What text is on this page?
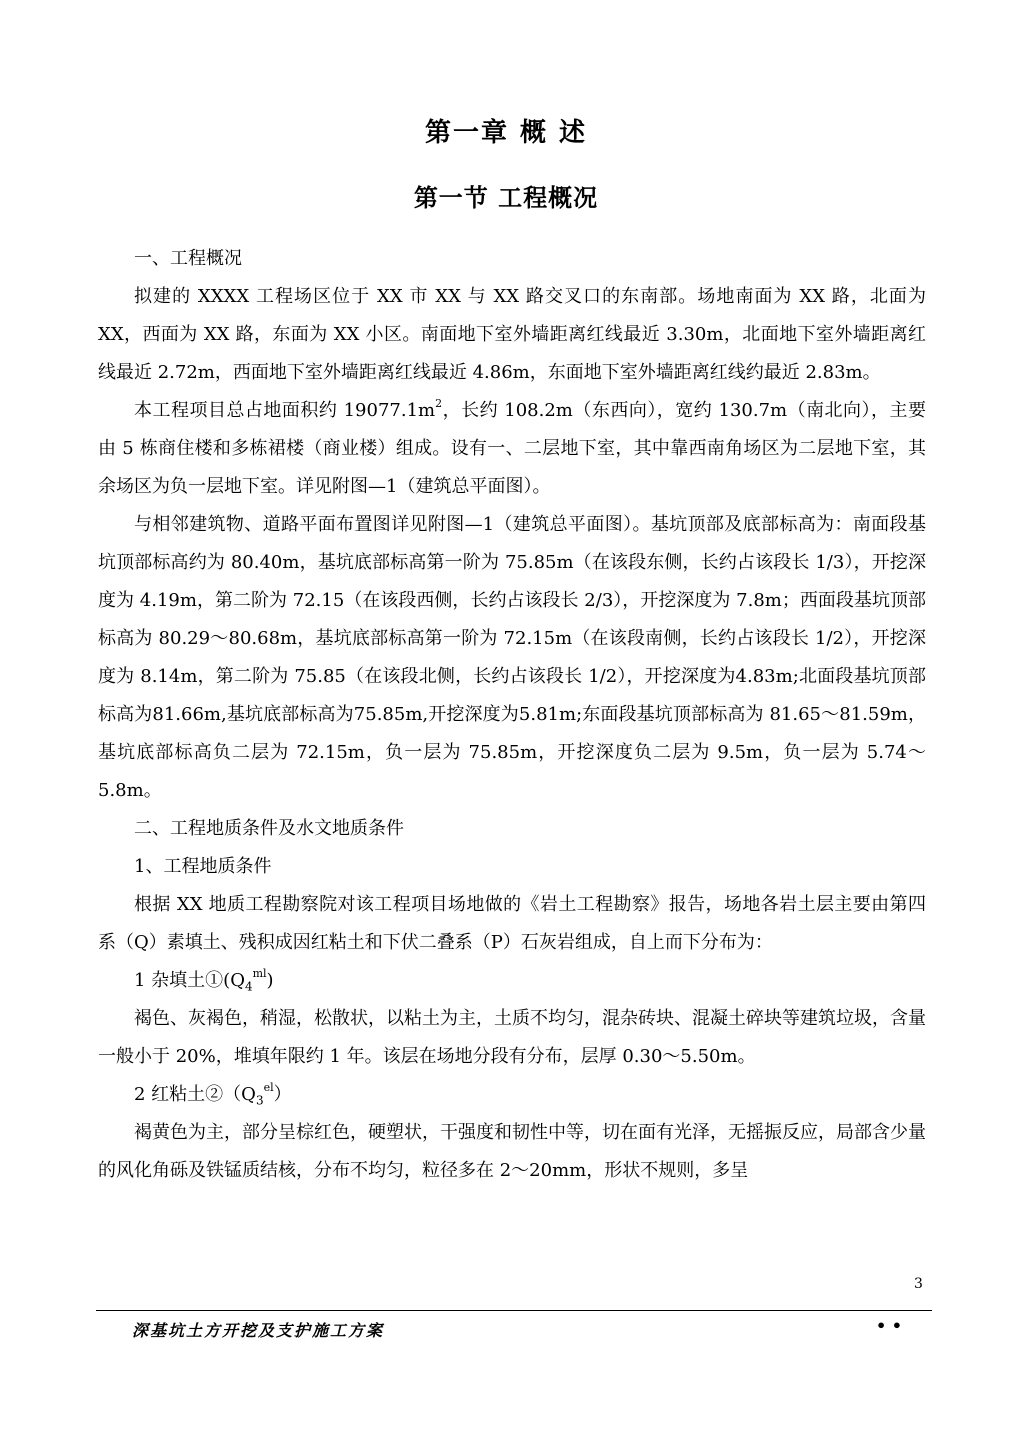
第一章 概 述
第一节 工程概况

一、工程概况

拟建的 XXXX 工程场区位于 XX 市 XX 与 XX 路交叉口的东南部。场地南面为 XX 路，北面为 XX，西面为 XX 路，东面为 XX 小区。南面地下室外墙距离红线最近 3.30m，北面地下室外墙距离红线最近 2.72m，西面地下室外墙距离红线最近 4.86m，东面地下室外墙距离红线约最近 2.83m。

本工程项目总占地面积约 $19077.1m^2$，长约 108.2m（东西向），宽约 130.7m（南北向），主要由 5 栋商住楼和多栋裙楼（商业楼）组成。设有一、二层地下室，其中靠西南角场区为二层地下室，其余场区为负一层地下室。详见附图—1（建筑总平面图）。

与相邻建筑物、道路平面布置图详见附图—1（建筑总平面图）。基坑顶部及底部标高为：南面段基坑顶部标高约为 80.40m，基坑底部标高第一阶为 75.85m（在该段东侧，长约占该段长 1/3），开挖深度为 4.19m，第二阶为 72.15（在该段西侧，长约占该段长 2/3），开挖深度为 7.8m；西面段基坑顶部标高为 80.29～80.68m，基坑底部标高第一阶为 72.15m（在该段南侧，长约占该段长 1/2），开挖深度为 8.14m，第二阶为 75.85（在该段北侧，长约占该段长 1/2），开挖深度为4.83m;北面段基坑顶部标高为81.66m,基坑底部标高为75.85m,开挖深度为5.81m;东面段基坑顶部标高为 81.65～81.59m，基坑底部标高负二层为 72.15m，负一层为 75.85m，开挖深度负二层为 9.5m，负一层为 5.74～5.8m。

二、工程地质条件及水文地质条件

1、工程地质条件

根据 XX 地质工程勘察院对该工程项目场地做的《岩土工程勘察》报告，场地各岩土层主要由第四系（Q）素填土、残积成因红粘土和下伏二叠系（P）石灰岩组成，自上而下分布为：

1 杂填土$①(Q_4^{ml})$

褐色、灰褐色，稍湿，松散状，以粘土为主，土质不均匀，混杂砖块、混凝土碎块等建筑垃圾，含量一般小于 20%，堆填年限约 1 年。该层在场地分段有分布，层厚 0.30～5.50m。

2 红粘土$②(Q_3^{el})$

褐黄色为主，部分呈棕红色，硬塑状，干强度和韧性中等，切在面有光泽，无摇振反应，局部含少量的风化角砾及铁锰质结核，分布不均匀，粒径多在 2～20mm，形状不规则，多呈

3
深基坑土方开挖及支护施工方案	• •
